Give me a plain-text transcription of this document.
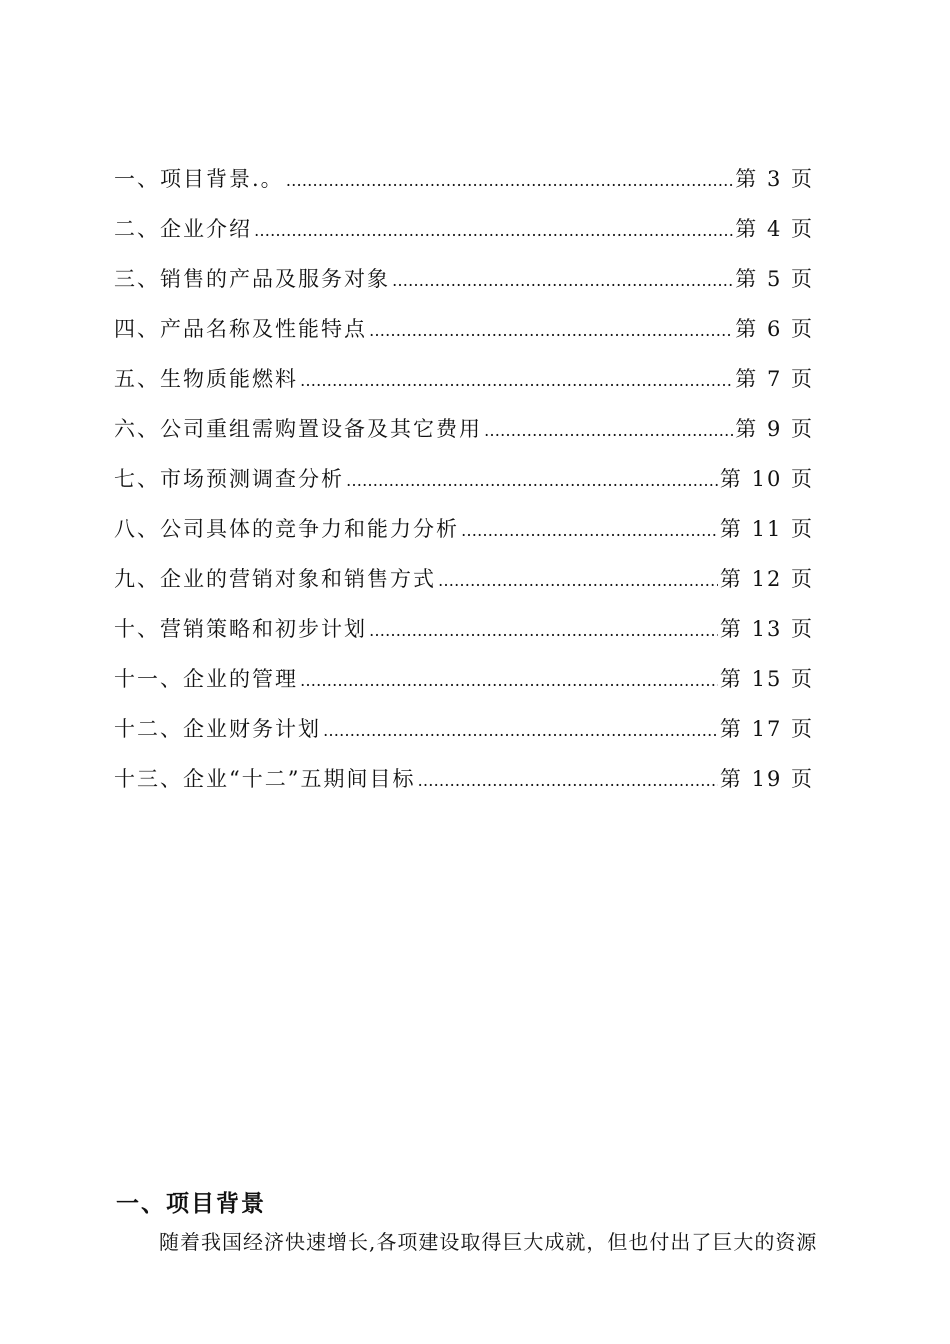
一、项目背景.。 …………………………………………………………………………………………………………………………………………………………	第 3 页
二、企业介绍 …………………………………………………………………………………………………………………………………………………………	第 4 页
三、销售的产品及服务对象 …………………………………………………………………………………………………………………………………………………………	第 5 页
四、产品名称及性能特点 …………………………………………………………………………………………………………………………………………………………	第 6 页
五、生物质能燃料 …………………………………………………………………………………………………………………………………………………………	第 7 页
六、公司重组需购置设备及其它费用 …………………………………………………………………………………………………………………………………………………………	第 9 页
七、市场预测调查分析 …………………………………………………………………………………………………………………………………………………………	第 10 页
八、公司具体的竞争力和能力分析 …………………………………………………………………………………………………………………………………………………………	第 11 页
九、企业的营销对象和销售方式 …………………………………………………………………………………………………………………………………………………………	第 12 页
十、营销策略和初步计划 …………………………………………………………………………………………………………………………………………………………	第 13 页
十一、企业的管理 …………………………………………………………………………………………………………………………………………………………	第 15 页
十二、企业财务计划 …………………………………………………………………………………………………………………………………………………………	第 17 页
十三、企业“十二”五期间目标 …………………………………………………………………………………………………………………………………………………………	第 19 页
一、项目背景
随着我国经济快速增长,各项建设取得巨大成就，但也付出了巨大的资源
